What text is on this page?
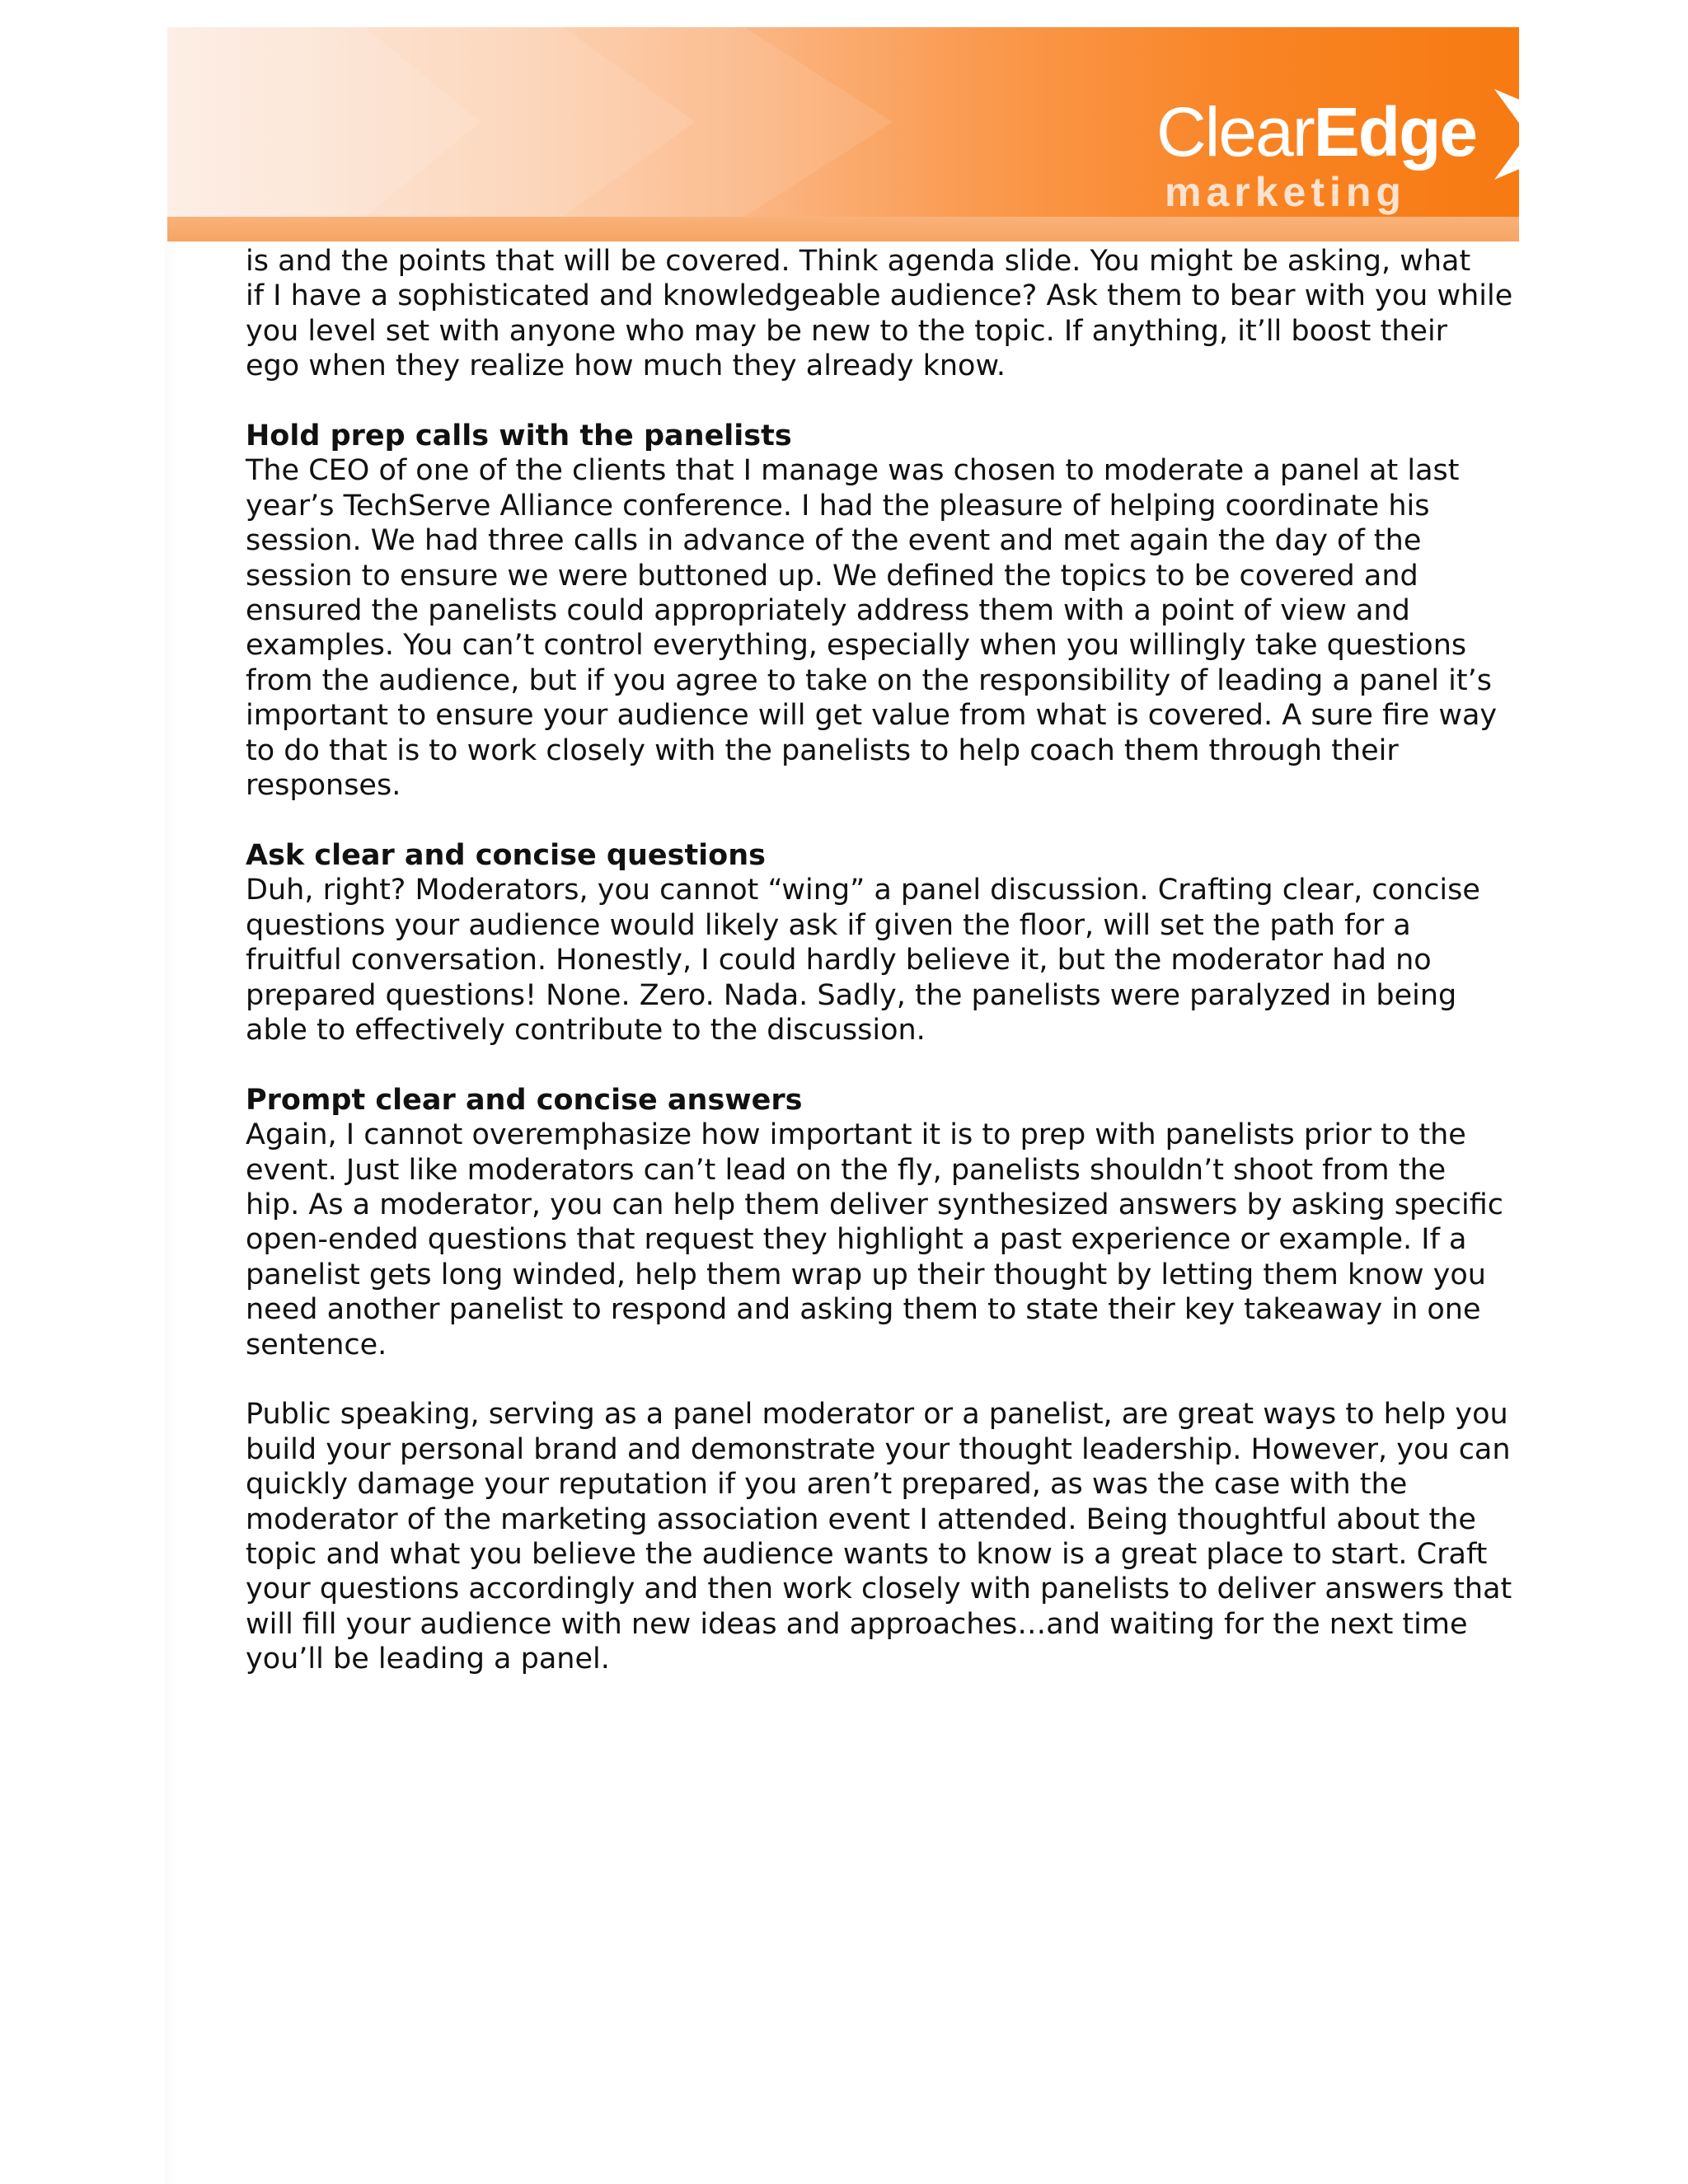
ClearEdge
marketing
is and the points that will be covered. Think agenda slide. You might be asking, what
if I have a sophisticated and knowledgeable audience? Ask them to bear with you while
you level set with anyone who may be new to the topic. If anything, it’ll boost their
ego when they realize how much they already know.
Hold prep calls with the panelists
The CEO of one of the clients that I manage was chosen to moderate a panel at last
year’s TechServe Alliance conference. I had the pleasure of helping coordinate his
session. We had three calls in advance of the event and met again the day of the
session to ensure we were buttoned up. We defined the topics to be covered and
ensured the panelists could appropriately address them with a point of view and
examples. You can’t control everything, especially when you willingly take questions
from the audience, but if you agree to take on the responsibility of leading a panel it’s
important to ensure your audience will get value from what is covered. A sure fire way
to do that is to work closely with the panelists to help coach them through their
responses.
Ask clear and concise questions
Duh, right? Moderators, you cannot “wing” a panel discussion. Crafting clear, concise
questions your audience would likely ask if given the floor, will set the path for a
fruitful conversation. Honestly, I could hardly believe it, but the moderator had no
prepared questions! None. Zero. Nada. Sadly, the panelists were paralyzed in being
able to effectively contribute to the discussion.
Prompt clear and concise answers
Again, I cannot overemphasize how important it is to prep with panelists prior to the
event. Just like moderators can’t lead on the fly, panelists shouldn’t shoot from the
hip. As a moderator, you can help them deliver synthesized answers by asking specific
open-ended questions that request they highlight a past experience or example. If a
panelist gets long winded, help them wrap up their thought by letting them know you
need another panelist to respond and asking them to state their key takeaway in one
sentence.
Public speaking, serving as a panel moderator or a panelist, are great ways to help you
build your personal brand and demonstrate your thought leadership. However, you can
quickly damage your reputation if you aren’t prepared, as was the case with the
moderator of the marketing association event I attended. Being thoughtful about the
topic and what you believe the audience wants to know is a great place to start. Craft
your questions accordingly and then work closely with panelists to deliver answers that
will fill your audience with new ideas and approaches…and waiting for the next time
you’ll be leading a panel.
